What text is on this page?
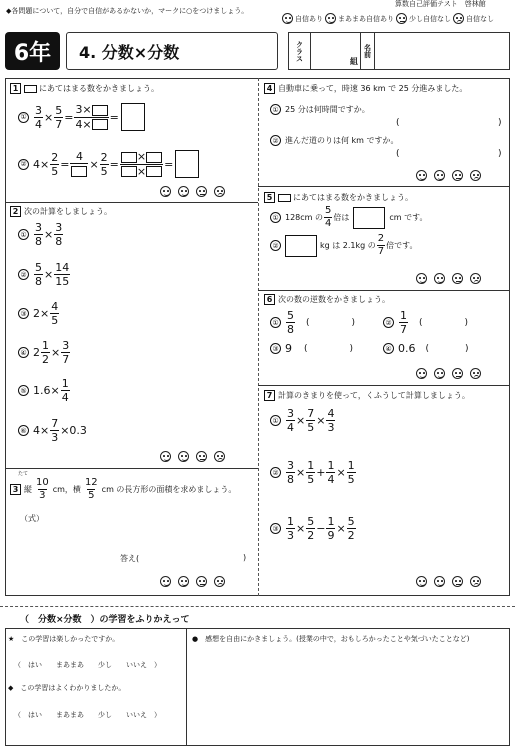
◆各問題について，自分で自信があるかないか，マークに○をつけましょう。
算数自己評価テスト　啓林館
自信あり まあまあ自信あり 少し自信なし 自信なし
6年	4. 分数×分数	クラス	組
名前
1	にあてはまる数をかきましょう。
①
3
4
×
5
7
=
3×
4×
=
② 4×
2
5
=
4
× $\frac{2}{5}$ =
×
×
=
2 次の計算をしましょう。
①
3
8
×
3
8
②
5
8
×
14
15
③ 2×
4
5
④ 2
1
2
×
3
7
⑤ 1.6×
1
4
⑥ 4×
7
3
×0.3
3 縦
10
3
cm，横
12
5
cm の長方形の面積を求めましょう。
たて
（式）
答え(	)
4 自動車に乗って，時速 36 km で 25 分進みました。
① 25 分は何時間ですか。
(	)
② 進んだ道のりは何 km ですか。
(	)
5	にあてはまる数をかきましょう。
① 128cm の
5
4
倍は	cm です。
②	kg は 2.1kg の
2
7
倍です。
6 次の数の逆数をかきましょう。
①
5
8
(	)	②
1
7
(	)
③ 9 (	)	④ 0.6 (	)
7 計算のきまりを使って，くふうして計算しましょう。
①
3
4
×
7
5
×
4
3
②
3
8
×
1
5
+
1
4
×
1
5
③
1
3
×
5
2
−
1
9
×
5
2
（　分数×分数　）の学習をふりかえって
★　 この学習は楽しかったですか。
（　はい　　まあまあ　　少し　　いいえ　）
◆　 この学習はよくわかりましたか。
（　はい　　まあまあ　　少し　　いいえ　）
●　 感想を自由にかきましょう。(授業の中で，おもしろかったことや気づいたことなど)
